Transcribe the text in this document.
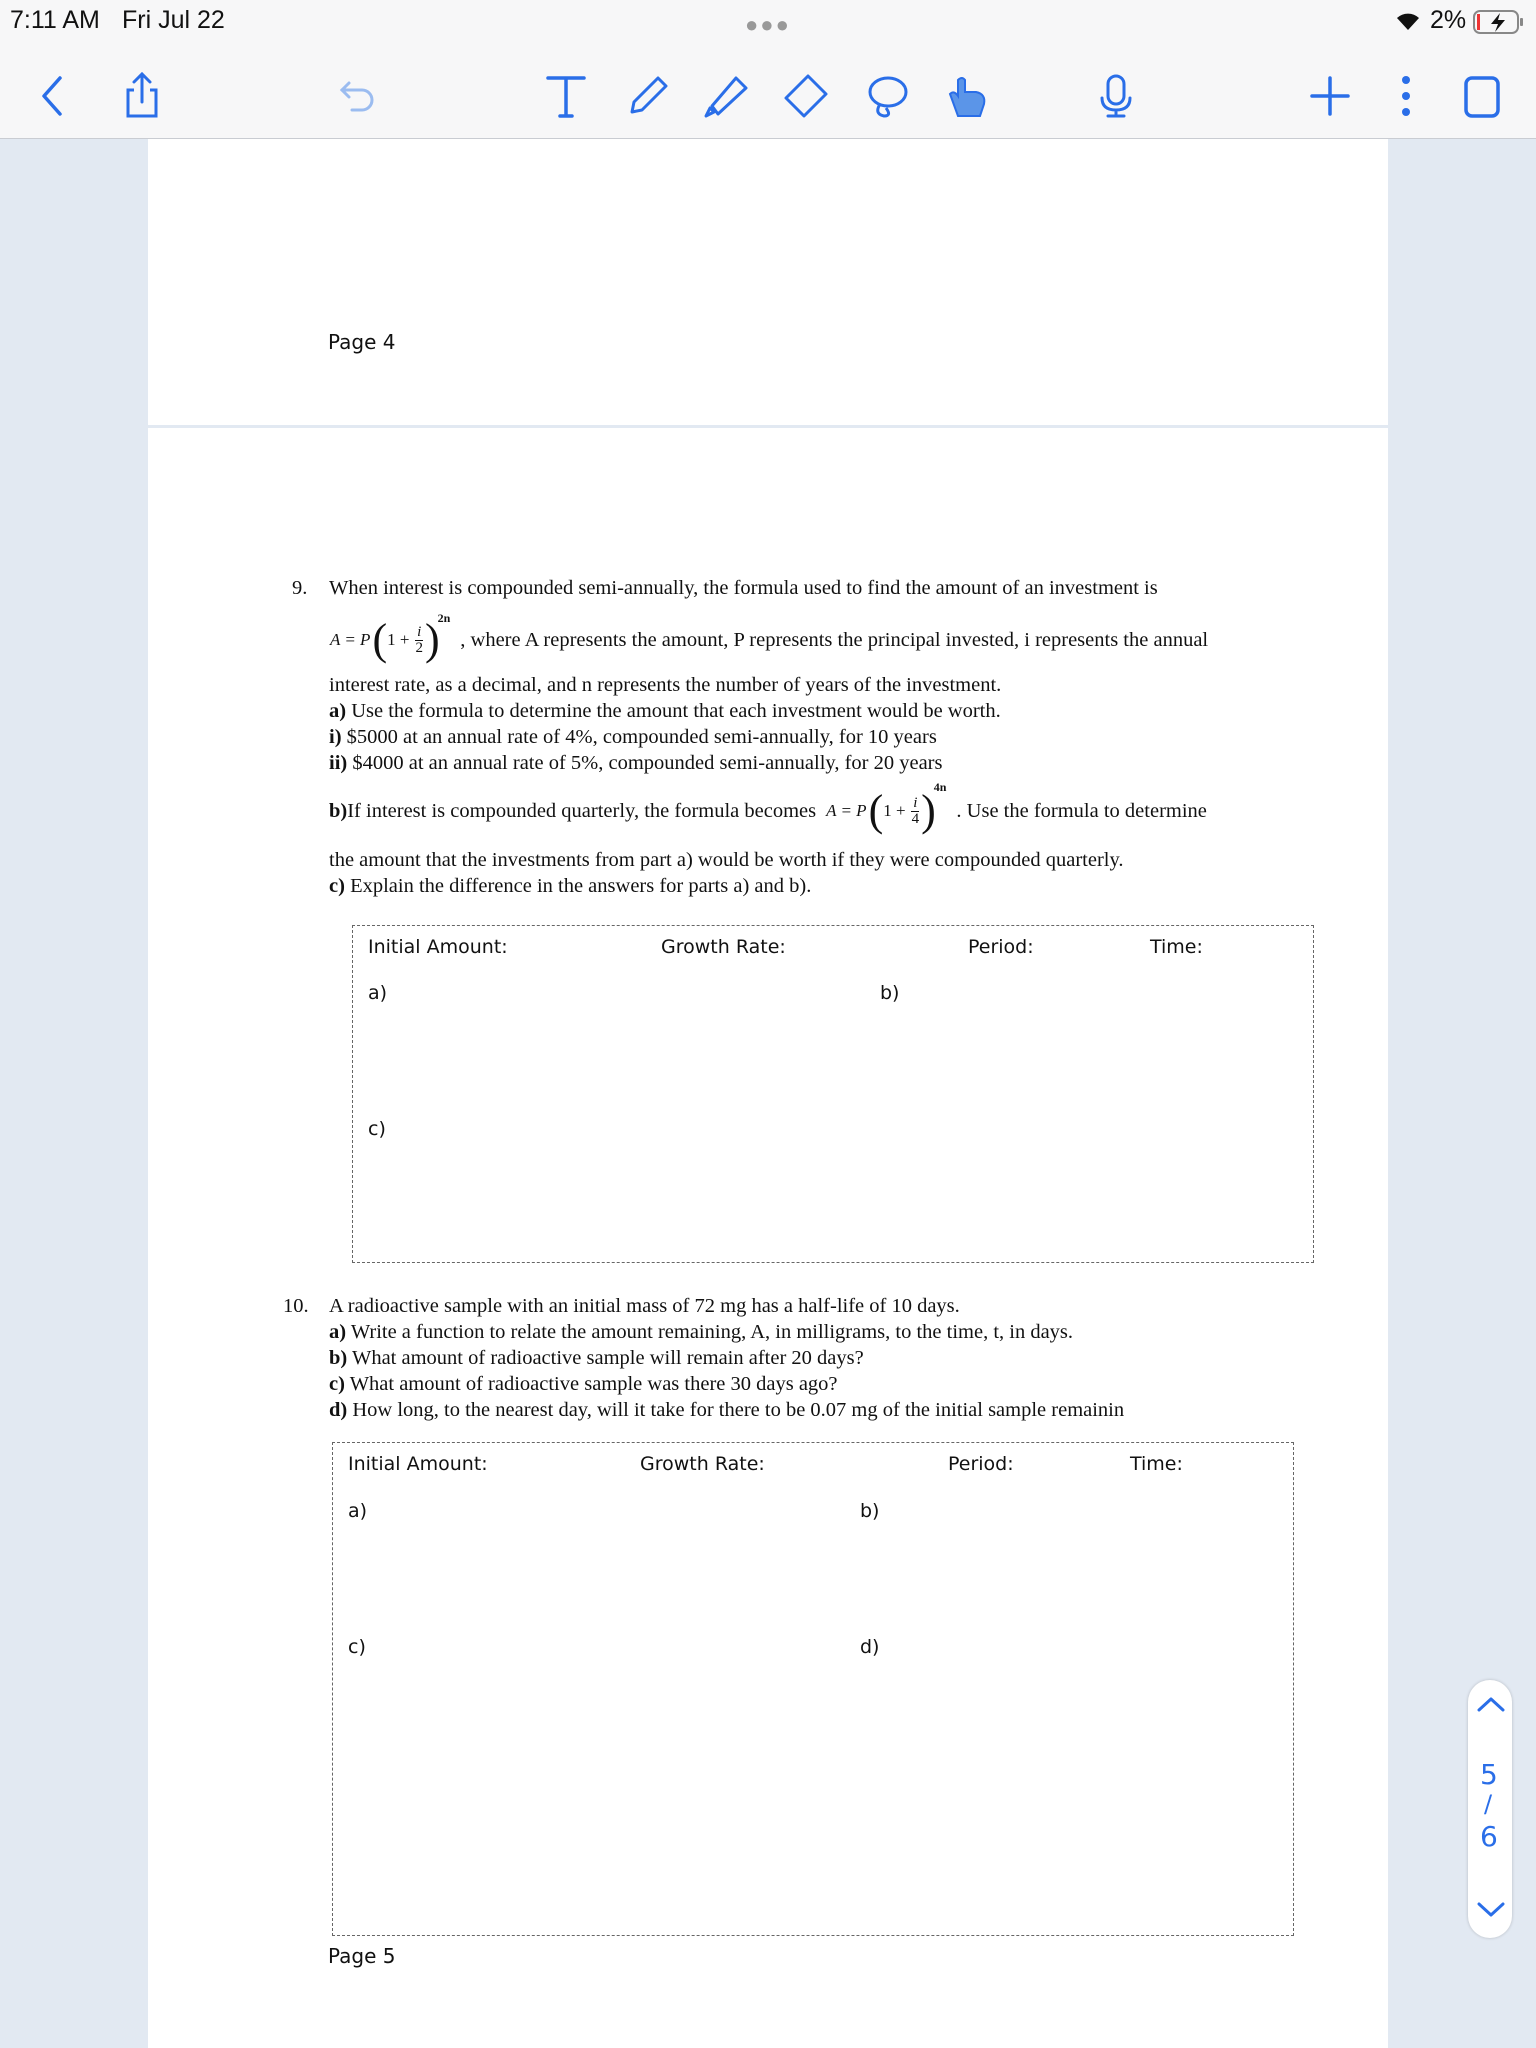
7:11 AM Fri Jul 22	●●●	2%
Page 4
9. When interest is compounded semi-annually, the formula used to find the amount of an investment is
A = P ( $1 + \frac{i}{2}$ )
2n
, where A represents the amount, P represents the principal invested, i represents the annual
interest rate, as a decimal, and n represents the number of years of the investment.
a) Use the formula to determine the amount that each investment would be worth.
i) $5000 at an annual rate of 4%, compounded semi-annually, for 10 years
ii) $4000 at an annual rate of 5%, compounded semi-annually, for 20 years
b) If interest is compounded quarterly, the formula becomes A = P ( $1 + \frac{i}{4}$ )
4n
. Use the formula to determine
the amount that the investments from part a) would be worth if they were compounded quarterly.
c) Explain the difference in the answers for parts a) and b).
Initial Amount:	Growth Rate:	Period:	Time:
a)	b)
c)
10. A radioactive sample with an initial mass of 72 mg has a half-life of 10 days.
a) Write a function to relate the amount remaining, A, in milligrams, to the time, t, in days.
b) What amount of radioactive sample will remain after 20 days?
c) What amount of radioactive sample was there 30 days ago?
d) How long, to the nearest day, will it take for there to be 0.07 mg of the initial sample remainin
Initial Amount:	Growth Rate:	Period:	Time:
a)	b)
c)	d)
Page 5
5
/
6
